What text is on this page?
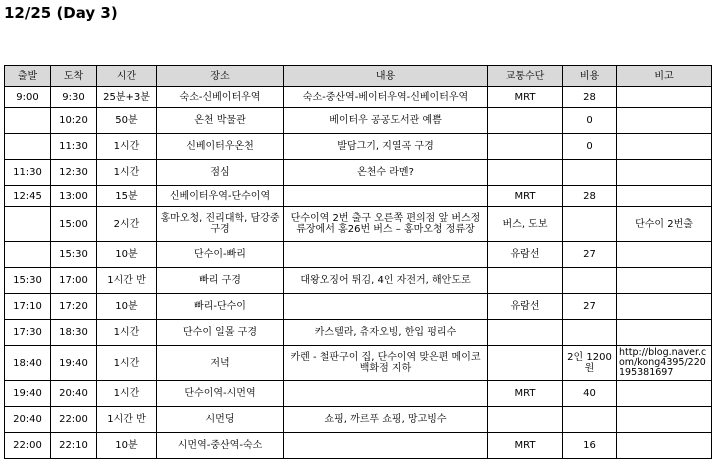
12/25 (Day 3)
출발	도착	시간	장소	내용	교통수단	비용	비고
9:00	9:30	25분+3분	숙소-신베이터우역	숙소-중산역-베이터우역-신베이터우역	MRT	28	
	10:20	50분	온천 박물관	베이터우 공공도서관 예쁨		0	
	11:30	1시간	신베이터우온천	발담그기, 지열곡 구경		0	
11:30	12:30	1시간	점심	온천수 라멘?			
12:45	13:00	15분	신베이터우역-단수이역		MRT	28	
	15:00	2시간	홍마오청, 진리대학, 담강중 구경	단수이역 2번 출구 오른쪽 편의점 앞 버스정류장에서 홍26번 버스 – 홍마오청 정류장	버스, 도보		단수이 2번출
	15:30	10분	단수이-빠리		유람선	27	
15:30	17:00	1시간 반	빠리 구경	대왕오징어 튀김, 4인 자전거, 해안도로			
17:10	17:20	10분	빠리-단수이		유람선	27	
17:30	18:30	1시간	단수이 일몰 구경	카스텔라, 츄자오빙, 한입 펑리수			
18:40	19:40	1시간	저녁	카렌 - 철판구이 집, 단수이역 맞은편 메이코 백화점 지하		2인 1200원	http://blog.naver.com/kong4395/220195381697
19:40	20:40	1시간	단수이역-시먼역		MRT	40	
20:40	22:00	1시간 반	시먼딩	쇼핑, 까르푸 쇼핑, 망고빙수			
22:00	22:10	10분	시먼역-중산역-숙소		MRT	16	
